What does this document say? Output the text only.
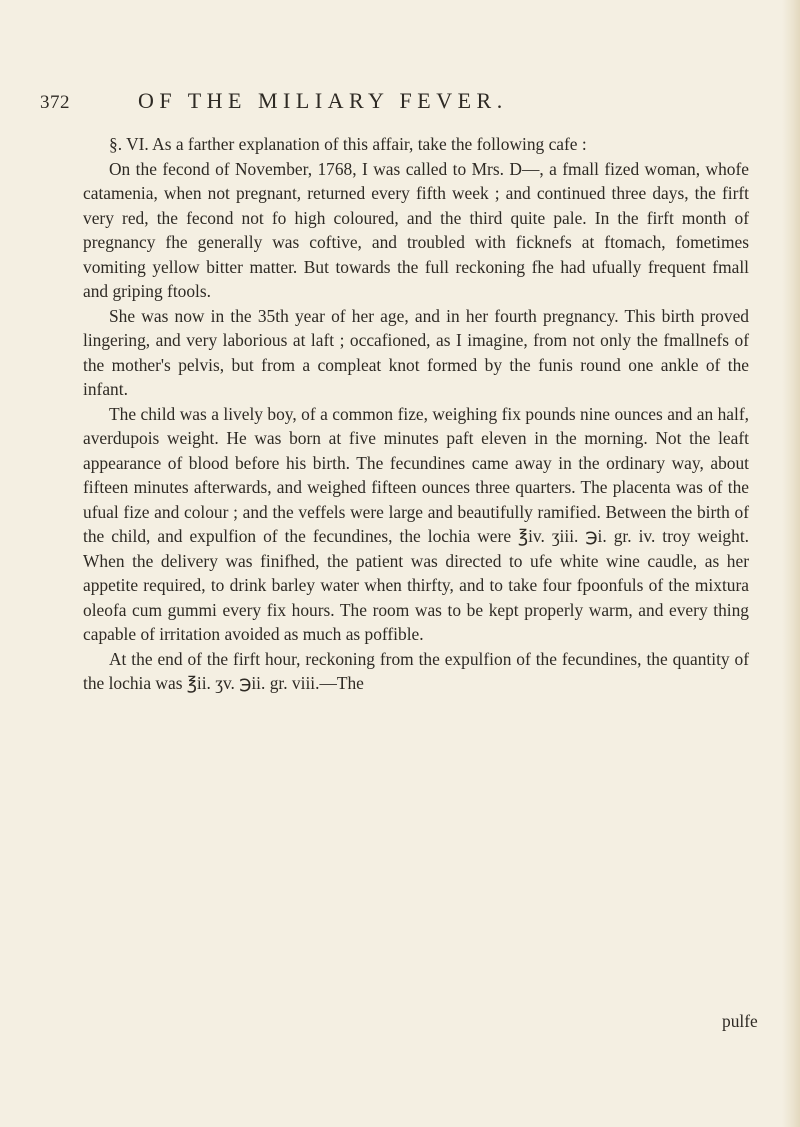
372	OF THE MILIARY FEVER.

§. VI. As a farther explanation of this affair, take the following cafe :

On the fecond of November, 1768, I was called to Mrs. D—, a fmall fized woman, whofe catamenia, when not pregnant, returned every fifth week ; and continued three days, the firft very red, the fecond not fo high coloured, and the third quite pale. In the firft month of pregnancy fhe generally was coftive, and troubled with ficknefs at ftomach, fometimes vomiting yellow bitter matter. But towards the full reckoning fhe had ufually frequent fmall and griping ftools.

She was now in the 35th year of her age, and in her fourth pregnancy. This birth proved lingering, and very laborious at laft ; occafioned, as I imagine, from not only the fmallnefs of the mother's pelvis, but from a compleat knot formed by the funis round one ankle of the infant.

The child was a lively boy, of a common fize, weighing fix pounds nine ounces and an half, averdupois weight. He was born at five minutes paft eleven in the morning. Not the leaft appearance of blood before his birth. The fecundines came away in the ordinary way, about fifteen minutes afterwards, and weighed fifteen ounces three quarters. The placenta was of the ufual fize and colour ; and the veffels were large and beautifully ramified. Between the birth of the child, and expulfion of the fecundines, the lochia were ℥iv. ʒiii. ℈i. gr. iv. troy weight. When the delivery was finifhed, the patient was directed to ufe white wine caudle, as her appetite required, to drink barley water when thirfty, and to take four fpoonfuls of the mixtura oleofa cum gummi every fix hours. The room was to be kept properly warm, and every thing capable of irritation avoided as much as poffible.

At the end of the firft hour, reckoning from the expulfion of the fecundines, the quantity of the lochia was ℥ii. ʒv. ℈ii. gr. viii.—The

pulfe
